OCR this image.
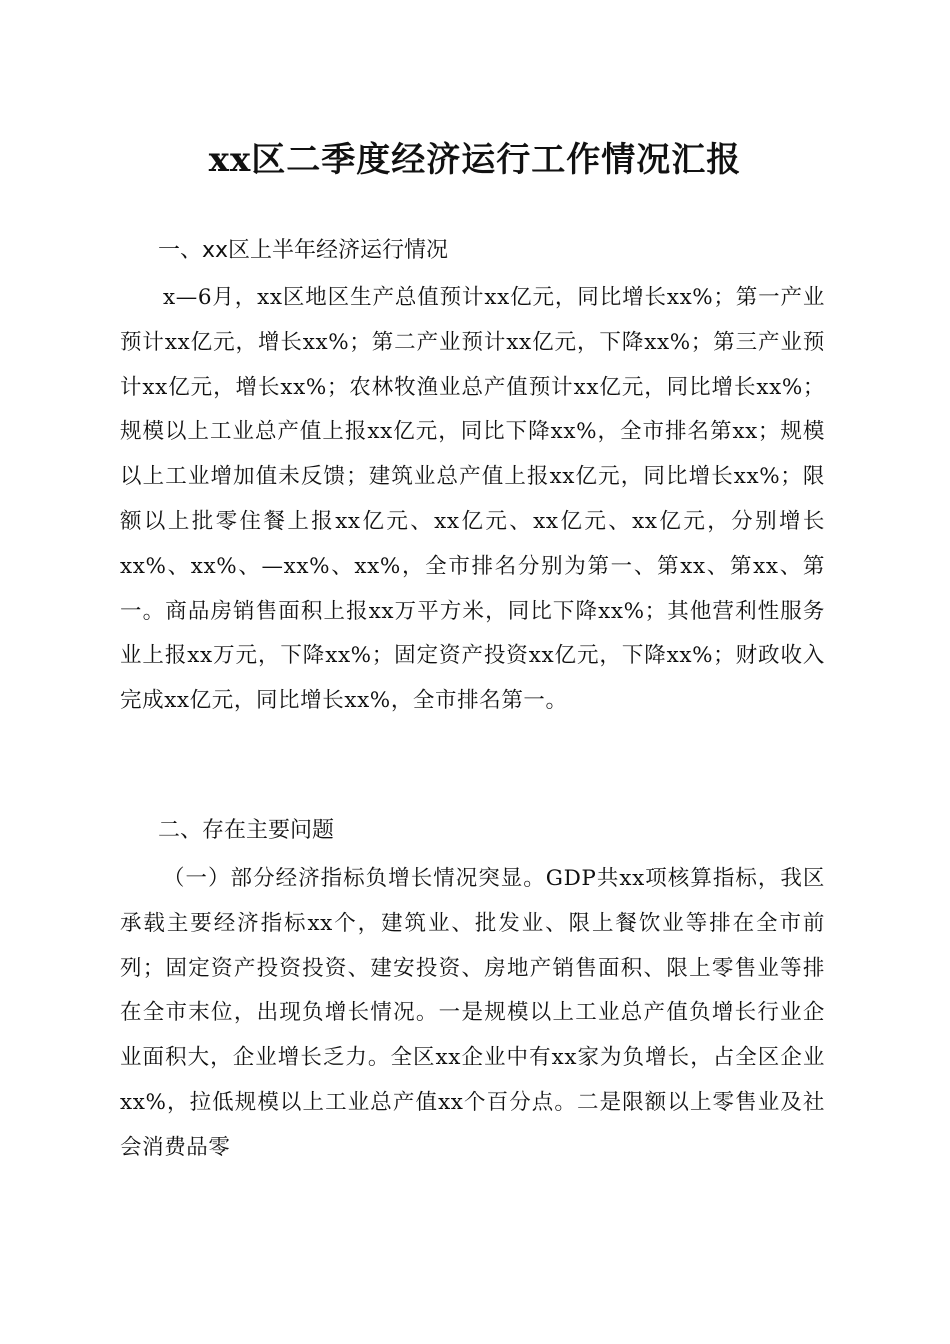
xx区二季度经济运行工作情况汇报
一、xx区上半年经济运行情况
x—6月，xx区地区生产总值预计xx亿元，同比增长xx%；第一产业预计xx亿元，增长xx%；第二产业预计xx亿元，下降xx%；第三产业预计xx亿元，增长xx%；农林牧渔业总产值预计xx亿元，同比增长xx%；规模以上工业总产值上报xx亿元，同比下降xx%，全市排名第xx；规模以上工业增加值未反馈；建筑业总产值上报xx亿元，同比增长xx%；限额以上批零住餐上报xx亿元、xx亿元、xx亿元、xx亿元，分别增长xx%、xx%、—xx%、xx%，全市排名分别为第一、第xx、第xx、第一。商品房销售面积上报xx万平方米，同比下降xx%；其他营利性服务业上报xx万元，下降xx%；固定资产投资xx亿元，下降xx%；财政收入完成xx亿元，同比增长xx%，全市排名第一。
二、存在主要问题
（一）部分经济指标负增长情况突显。GDP共xx项核算指标，我区承载主要经济指标xx个，建筑业、批发业、限上餐饮业等排在全市前列；固定资产投资投资、建安投资、房地产销售面积、限上零售业等排在全市末位，出现负增长情况。一是规模以上工业总产值负增长行业企业面积大，企业增长乏力。全区xx企业中有xx家为负增长，占全区企业xx%，拉低规模以上工业总产值xx个百分点。二是限额以上零售业及社会消费品零
